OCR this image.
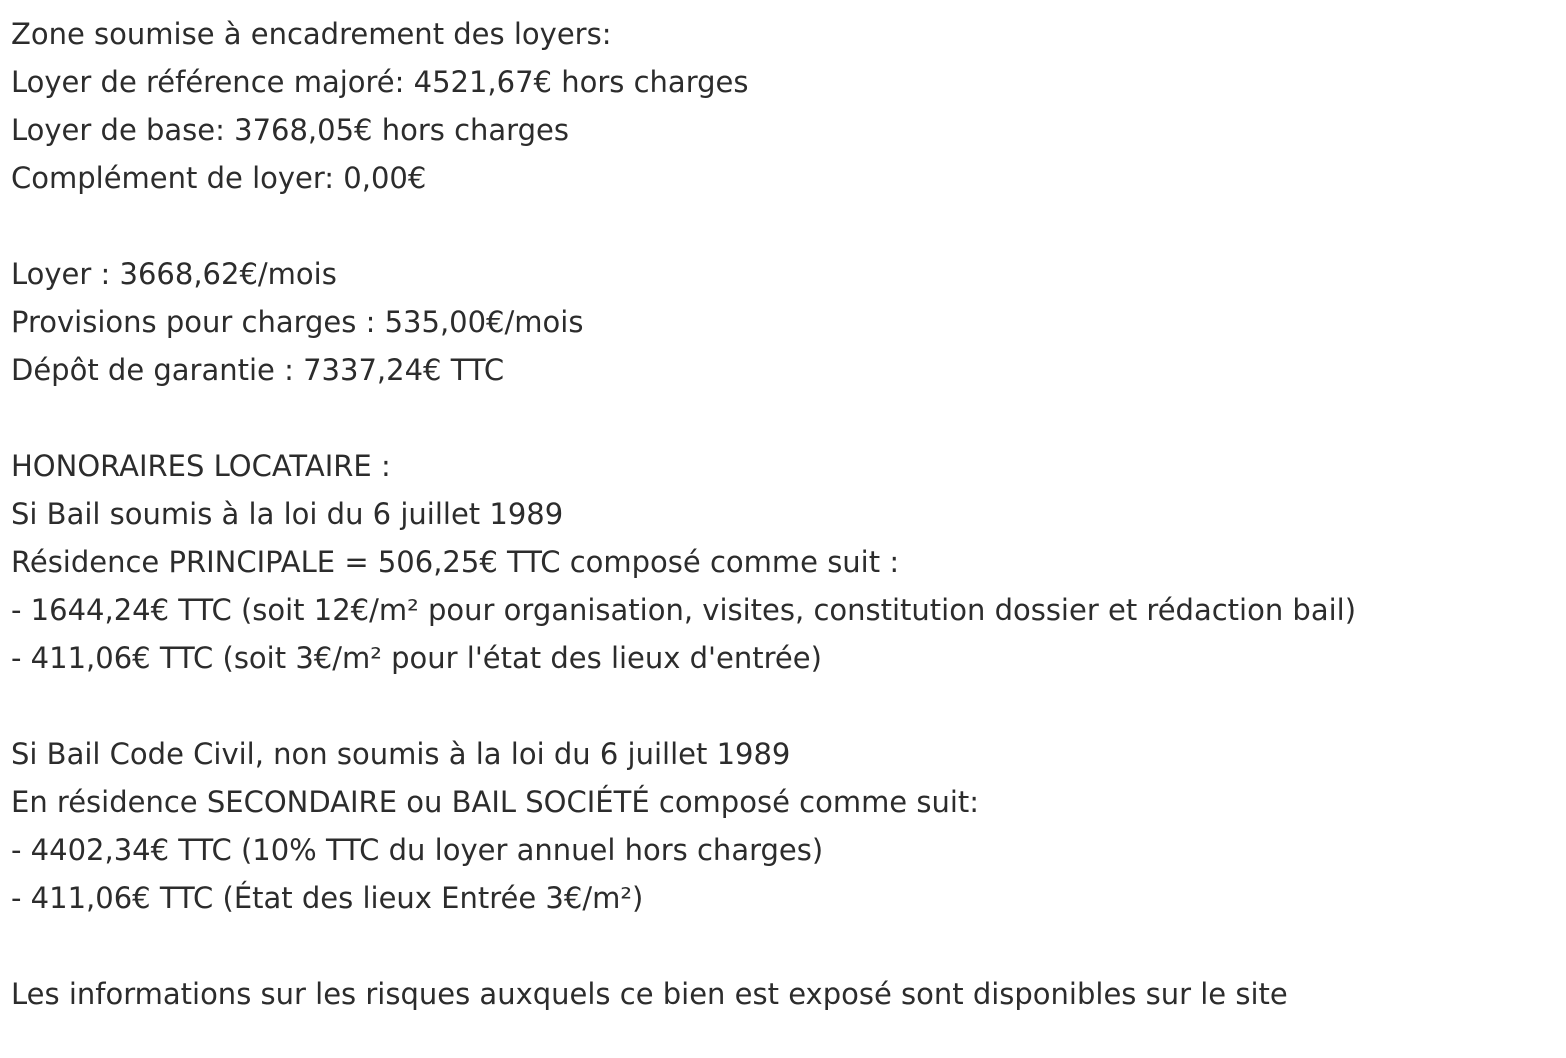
Zone soumise à encadrement des loyers:
Loyer de référence majoré: 4521,67€ hors charges
Loyer de base: 3768,05€ hors charges
Complément de loyer: 0,00€
Loyer : 3668,62€/mois
Provisions pour charges : 535,00€/mois
Dépôt de garantie : 7337,24€ TTC
HONORAIRES LOCATAIRE :
Si Bail soumis à la loi du 6 juillet 1989
Résidence PRINCIPALE = 506,25€ TTC composé comme suit :
- 1644,24€ TTC (soit 12€/m² pour organisation, visites, constitution dossier et rédaction bail)
- 411,06€ TTC (soit 3€/m² pour l'état des lieux d'entrée)
Si Bail Code Civil, non soumis à la loi du 6 juillet 1989
En résidence SECONDAIRE ou BAIL SOCIÉTÉ composé comme suit:
- 4402,34€ TTC (10% TTC du loyer annuel hors charges)
- 411,06€ TTC (État des lieux Entrée 3€/m²)
Les informations sur les risques auxquels ce bien est exposé sont disponibles sur le site
